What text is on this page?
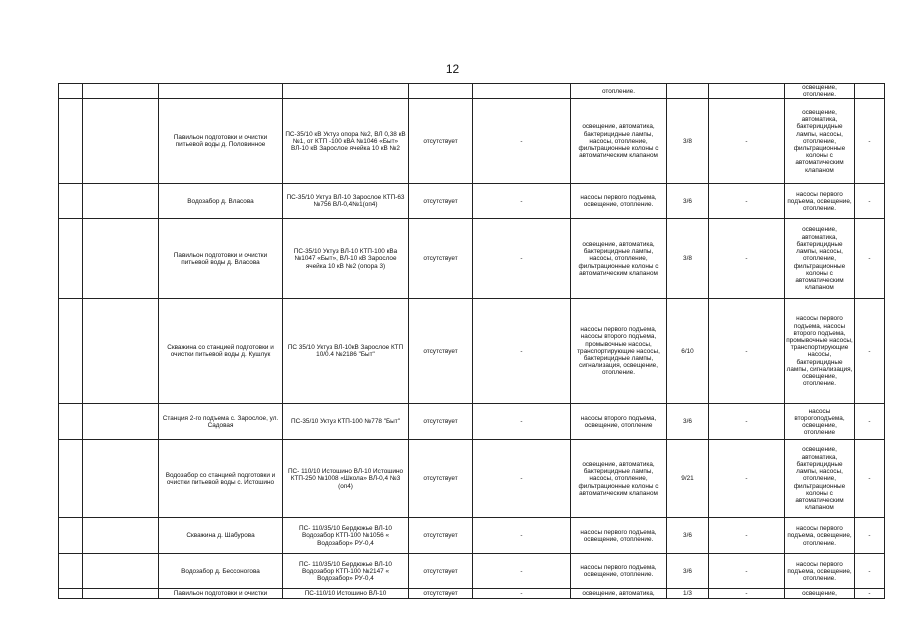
12
						отопление.			освещение, отопление.	
		Павильон подготовки и очистки питьевой воды д. Половинное	ПС-35/10 кВ Уктуз опора №2, ВЛ 0,38 кВ №1, от КТП -100 кВА №1046 «Быт» ВЛ-10 кВ Зарослое ячейка 10 кВ №2	отсутствует	-	освещение, автоматика, бактерицидные лампы, насосы, отопление, фильтрационные колоны с автоматическим клапаном	3/8	-	освещение, автоматика, бактерицидные лампы, насосы, отопление, фильтрационные колоны с автоматическим клапаном	-
		Водозабор д. Власова	ПС-35/10 Уктуз ВЛ-10 Зарослое КТП-63 №756 ВЛ-0,4№1(оп4)	отсутствует	-	насосы первого подъема, освещение, отопление.	3/6	-	насосы первого подъема, освещение, отопление.	-
		Павильон подготовки и очистки питьевой воды д. Власова	ПС-35/10 Уктуз ВЛ-10 КТП-100 кВа №1047 «Быт», ВЛ-10 кВ Зарослое ячейка 10 кВ №2 (опора 3)	отсутствует	-	освещение, автоматика, бактерицидные лампы, насосы, отопление, фильтрационные колоны с автоматическим клапаном	3/8	-	освещение, автоматика, бактерицидные лампы, насосы, отопление, фильтрационные колоны с автоматическим клапаном	-
		Скважина со станцией подготовки и очистки питьевой воды д. Кушлук	ПС 35/10 Уктуз ВЛ-10кВ Зарослое КТП 10/0.4 №2186 "Быт"	отсутствует	-	насосы первого подъема, насосы второго подъема, промывочные насосы, транспортирующие насосы, бактерицидные лампы, сигнализация, освещение, отопление.	6/10	-	насосы первого подъема, насосы второго подъема, промывочные насосы, транспортирующие насосы, бактерицидные лампы, сигнализация, освещение, отопление.	-
		Станция 2-го подъема с. Зарослое, ул. Садовая	ПС-35/10 Уктуз КТП-100 №778 "Быт"	отсутствует	-	насосы второго подъема, освещение, отопление	3/6	-	насосы второгоподъема, освещение, отопление	-
		Водозабор со станцией подготовки и очистки питьевой воды с. Истошино	ПС- 110/10 Истошино ВЛ-10 Истошино КТП-250 №1008 «Школа» ВЛ-0,4 №3 (оп4)	отсутствует	-	освещение, автоматика, бактерицидные лампы, насосы, отопление, фильтрационные колоны с автоматическим клапаном	9/21	-	освещение, автоматика, бактерицидные лампы, насосы, отопление, фильтрационные колоны с автоматическим клапаном	-
		Скважина д. Шабурова	ПС- 110/35/10 Бердюжье ВЛ-10 Водозабор КТП-100 №1056 « Водозабор» РУ-0,4	отсутствует	-	насосы первого подъема, освещение, отопление.	3/6	-	насосы первого подъема, освещение, отопление.	-
		Водозабор д. Бессоногова	ПС- 110/35/10 Бердюжье ВЛ-10 Водозабор КТП-100 №2147 « Водозабор» РУ-0,4	отсутствует	-	насосы первого подъема, освещение, отопление.	3/6	-	насосы первого подъема, освещение, отопление.	-
		Павильон подготовки и очистки	ПС-110/10 Истошино ВЛ-10	отсутствует	-	освещение, автоматика,	1/3	-	освещение,	-
